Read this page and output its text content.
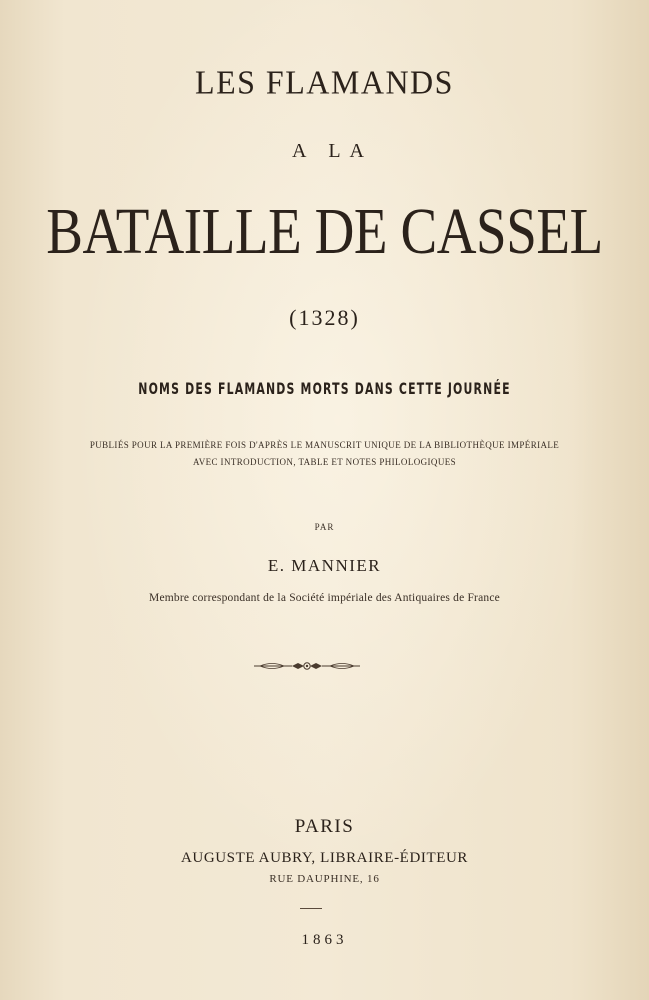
LES FLAMANDS
A LA
BATAILLE DE CASSEL
(1328)
NOMS DES FLAMANDS MORTS DANS CETTE JOURNÉE
PUBLIÉS POUR LA PREMIÈRE FOIS D'APRÈS LE MANUSCRIT UNIQUE DE LA BIBLIOTHÈQUE IMPÉRIALE
AVEC INTRODUCTION, TABLE ET NOTES PHILOLOGIQUES
PAR
E. MANNIER
Membre correspondant de la Société impériale des Antiquaires de France
PARIS
AUGUSTE AUBRY, LIBRAIRE-ÉDITEUR
RUE DAUPHINE, 16
1863
